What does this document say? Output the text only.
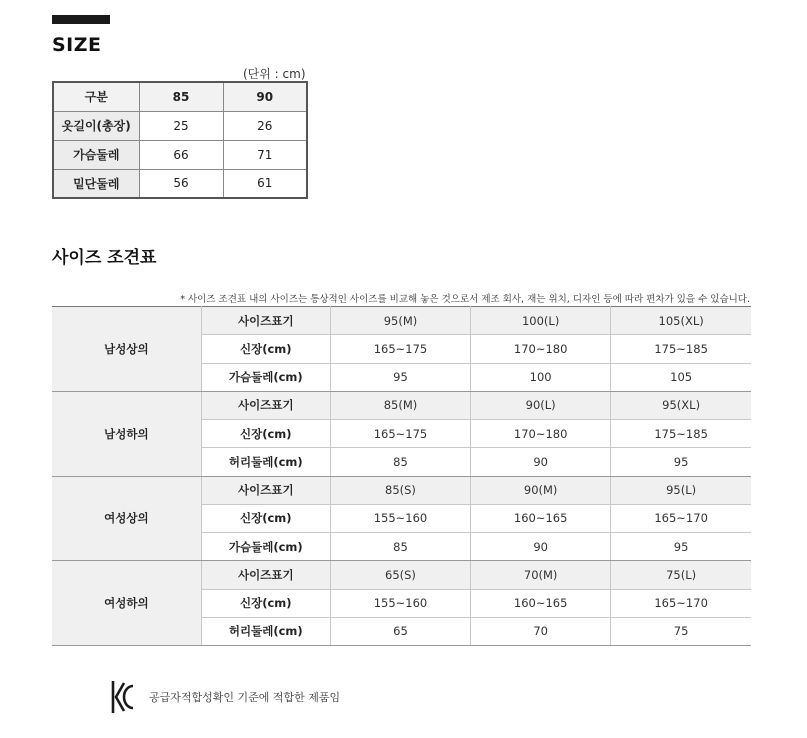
SIZE
(단위 : cm)
구분	85	90
옷길이(총장)	25	26
가슴둘레	66	71
밑단둘레	56	61
사이즈 조견표
* 사이즈 조견표 내의 사이즈는 통상적인 사이즈를 비교해 놓은 것으로서 제조 회사, 재는 위치, 디자인 등에 따라 편차가 있을 수 있습니다.
남성상의	사이즈표기	95(M)	100(L)	105(XL)
	신장(cm)	165~175	170~180	175~185
	가슴둘레(cm)	95	100	105
남성하의	사이즈표기	85(M)	90(L)	95(XL)
	신장(cm)	165~175	170~180	175~185
	허리둘레(cm)	85	90	95
여성상의	사이즈표기	85(S)	90(M)	95(L)
	신장(cm)	155~160	160~165	165~170
	가슴둘레(cm)	85	90	95
여성하의	사이즈표기	65(S)	70(M)	75(L)
	신장(cm)	155~160	160~165	165~170
	허리둘레(cm)	65	70	75
공급자적합성확인 기준에 적합한 제품임
